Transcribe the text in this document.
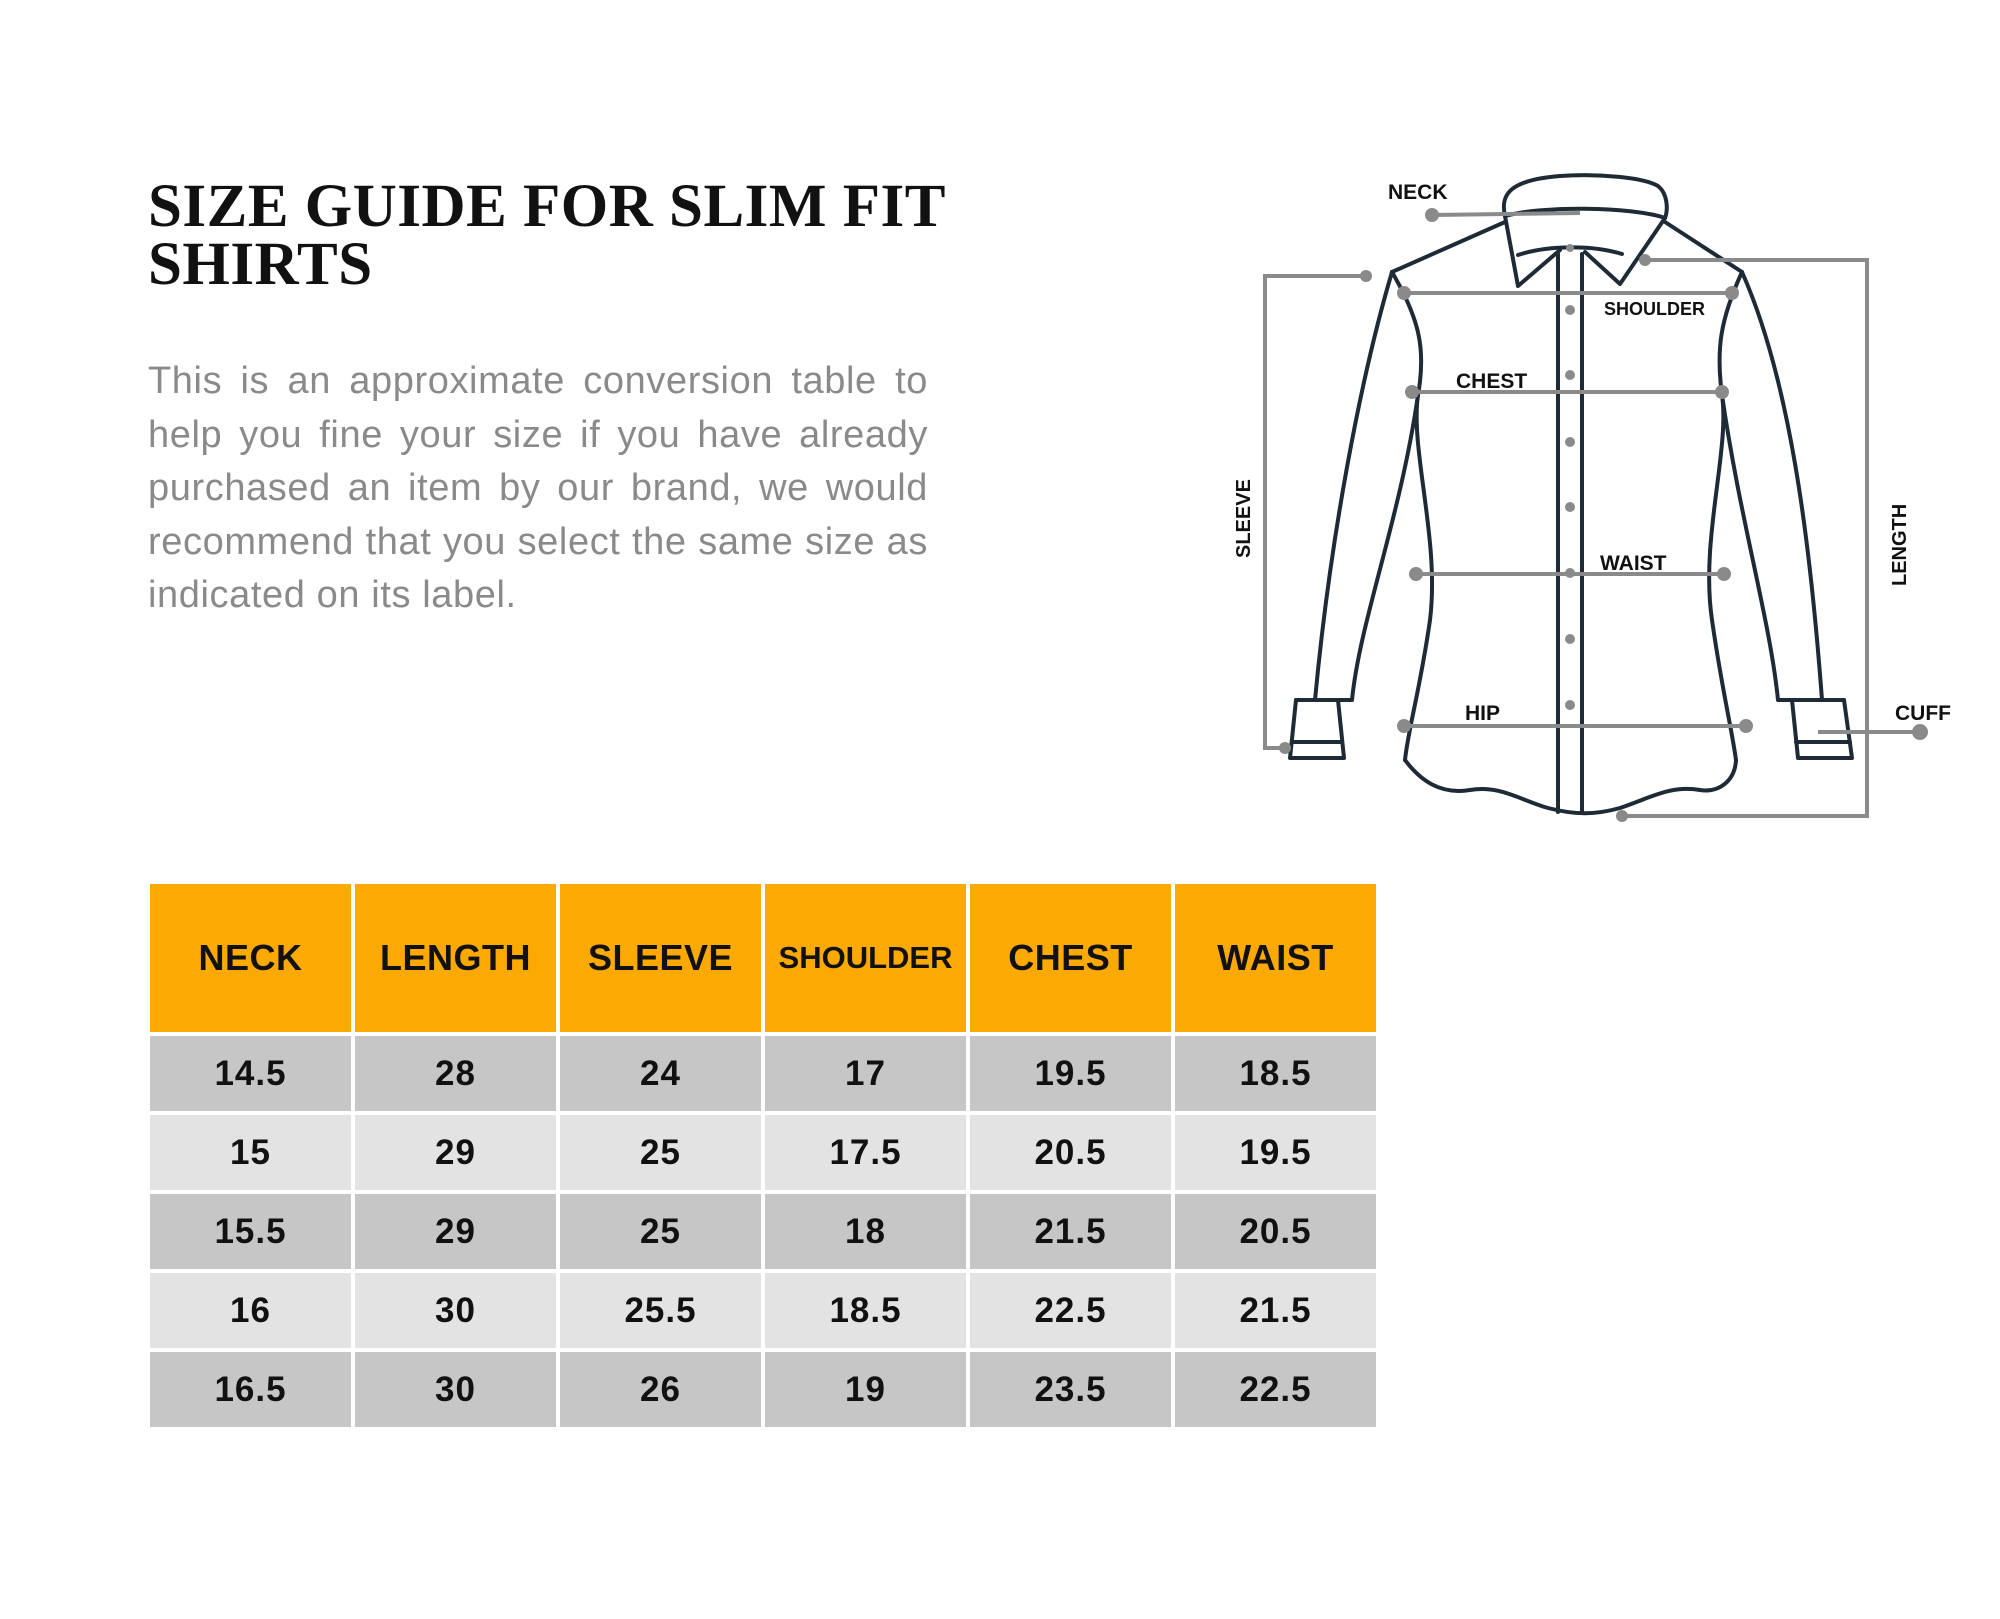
SIZE GUIDE FOR SLIM FIT
SHIRTS

This is an approximate conversion table to help you fine your size if you have already purchased an item by our brand, we would recommend that you select the same size as indicated on its label.

NECK
SHOULDER
CHEST
WAIST
HIP	CUFF
SLEEVE	LENGTH
NECK	LENGTH	SLEEVE	SHOULDER	CHEST	WAIST
14.5	28	24	17	19.5	18.5
15	29	25	17.5	20.5	19.5
15.5	29	25	18	21.5	20.5
16	30	25.5	18.5	22.5	21.5
16.5	30	26	19	23.5	22.5
